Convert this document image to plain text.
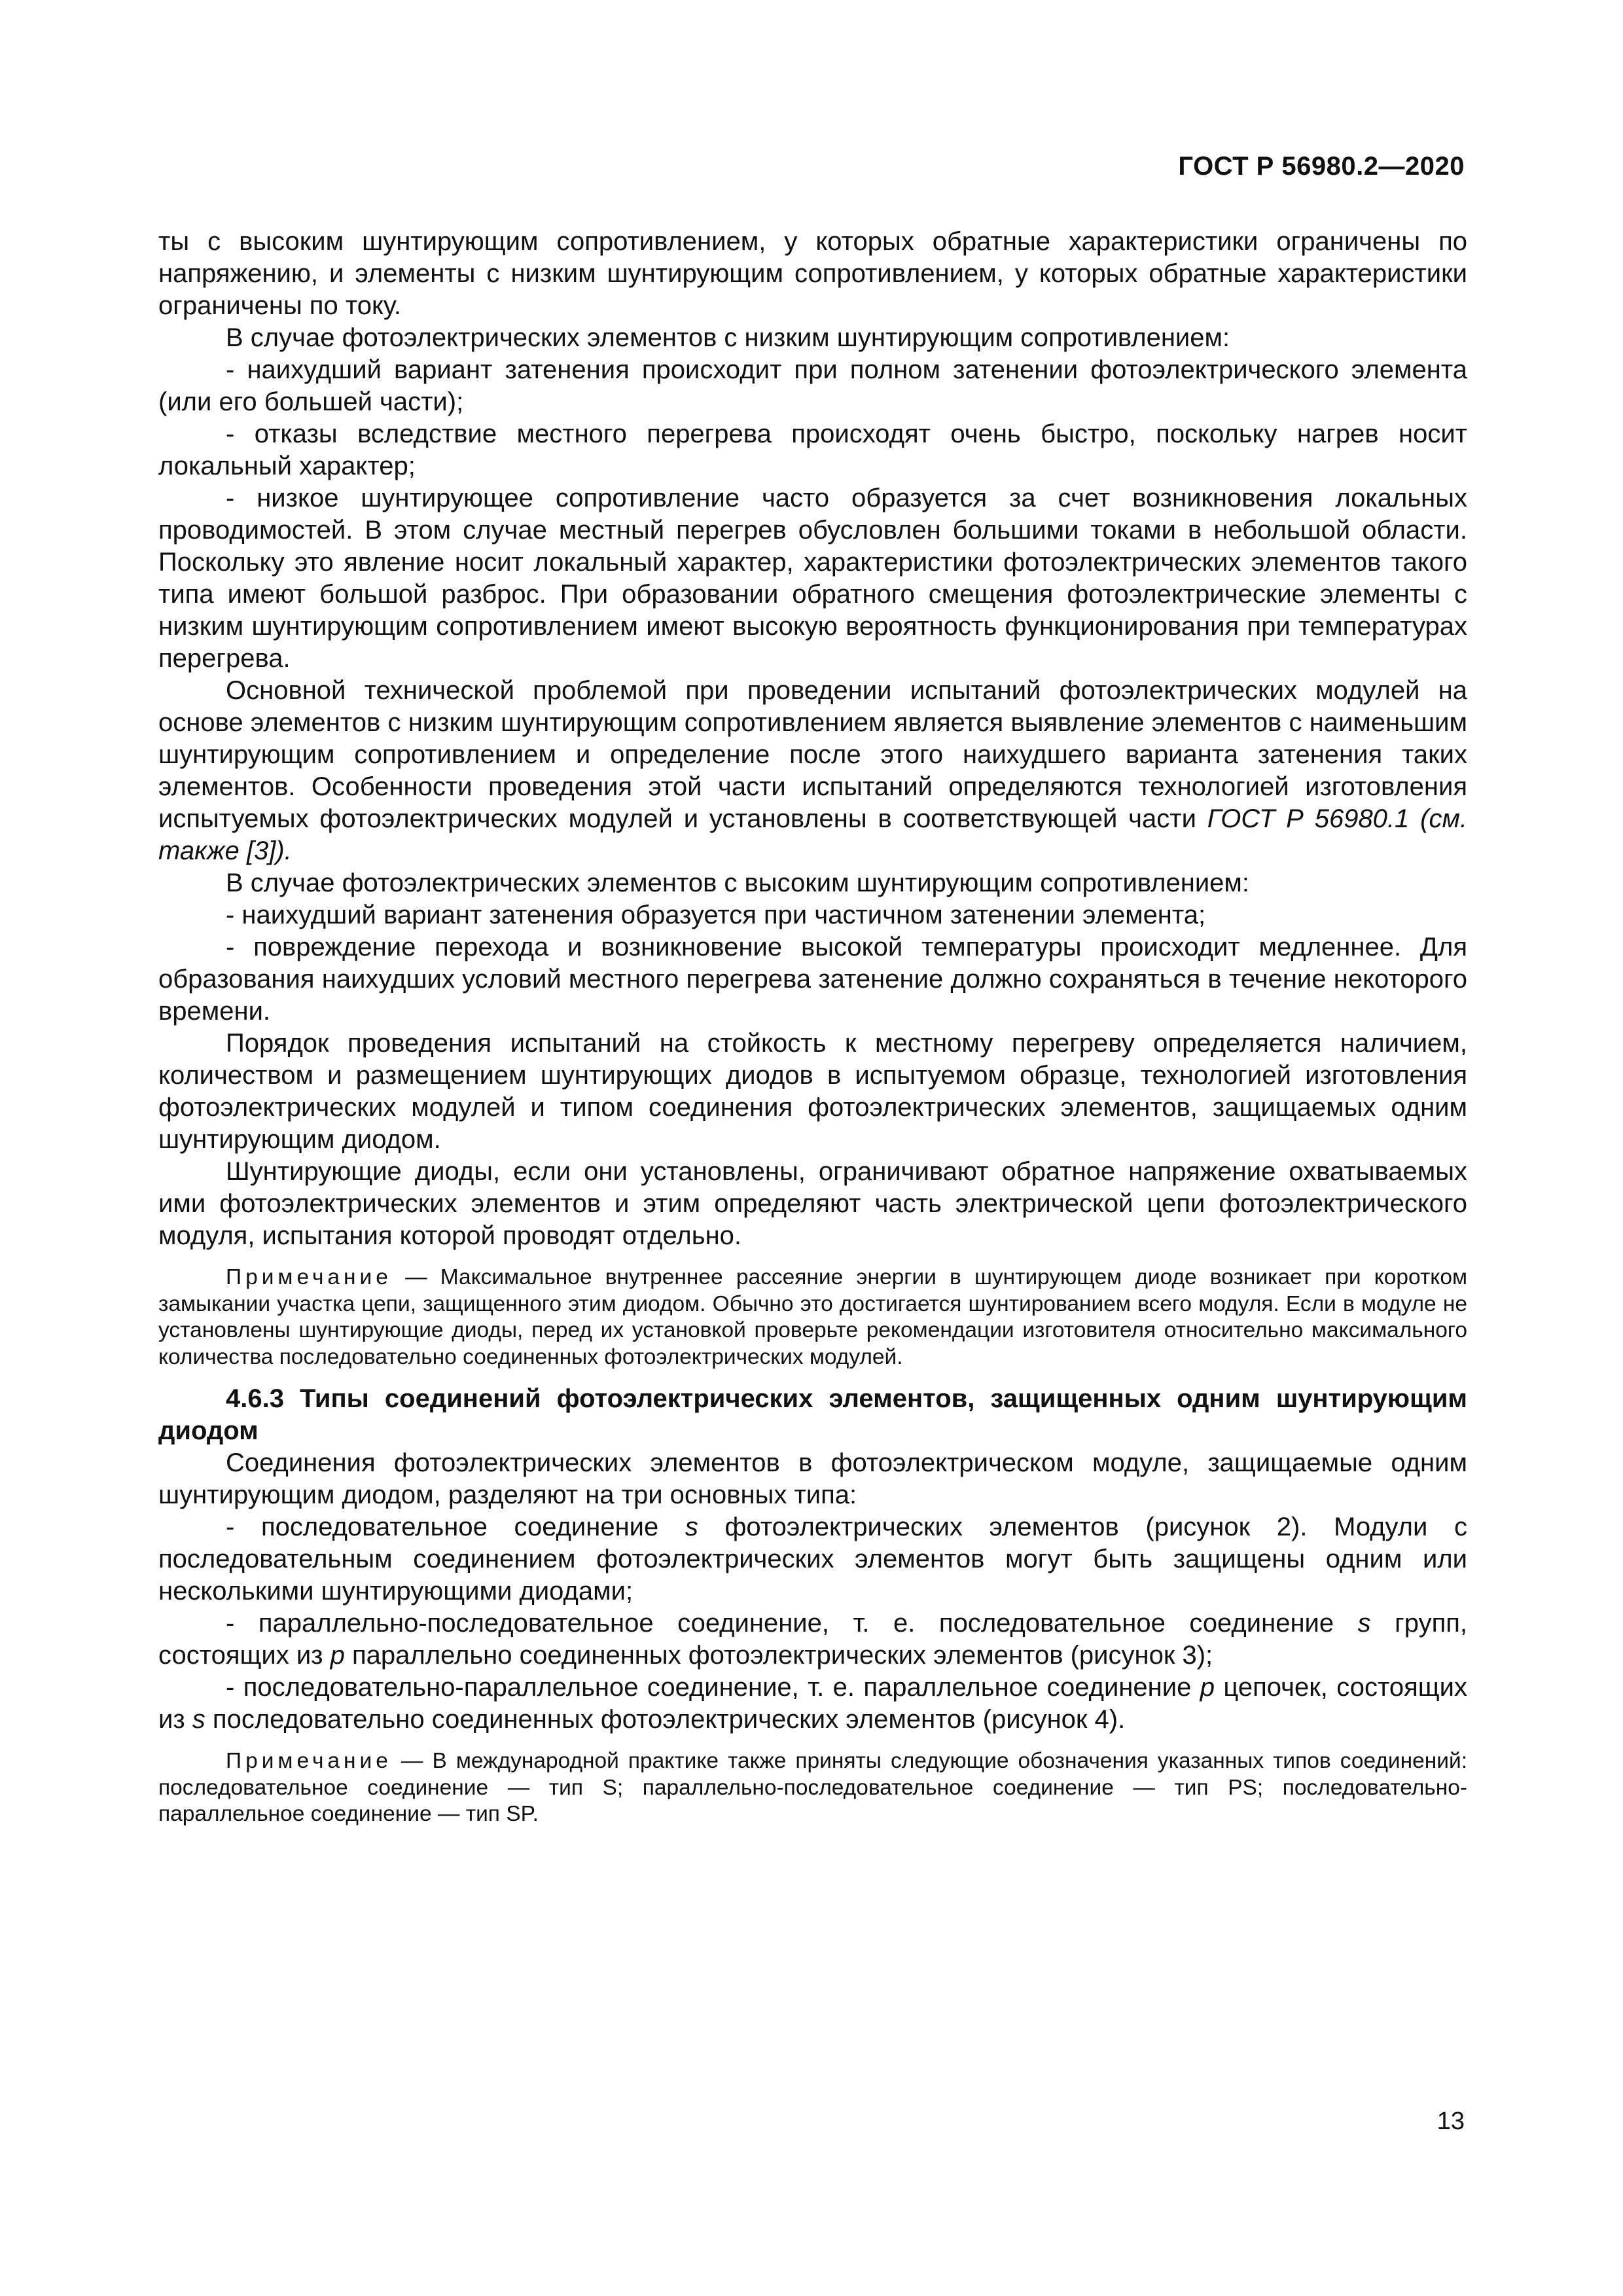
ГОСТ Р 56980.2—2020

ты с высоким шунтирующим сопротивлением, у которых обратные характеристики ограничены по напряжению, и элементы с низким шунтирующим сопротивлением, у которых обратные характеристики ограничены по току.

В случае фотоэлектрических элементов с низким шунтирующим сопротивлением:

- наихудший вариант затенения происходит при полном затенении фотоэлектрического элемента (или его большей части);

- отказы вследствие местного перегрева происходят очень быстро, поскольку нагрев носит локальный характер;

- низкое шунтирующее сопротивление часто образуется за счет возникновения локальных проводимостей. В этом случае местный перегрев обусловлен большими токами в небольшой области. Поскольку это явление носит локальный характер, характеристики фотоэлектрических элементов такого типа имеют большой разброс. При образовании обратного смещения фотоэлектрические элементы с низким шунтирующим сопротивлением имеют высокую вероятность функционирования при температурах перегрева.

Основной технической проблемой при проведении испытаний фотоэлектрических модулей на основе элементов с низким шунтирующим сопротивлением является выявление элементов с наименьшим шунтирующим сопротивлением и определение после этого наихудшего варианта затенения таких элементов. Особенности проведения этой части испытаний определяются технологией изготовления испытуемых фотоэлектрических модулей и установлены в соответствующей части ГОСТ Р 56980.1 (см. также [3]).

В случае фотоэлектрических элементов с высоким шунтирующим сопротивлением:

- наихудший вариант затенения образуется при частичном затенении элемента;

- повреждение перехода и возникновение высокой температуры происходит медленнее. Для образования наихудших условий местного перегрева затенение должно сохраняться в течение некоторого времени.

Порядок проведения испытаний на стойкость к местному перегреву определяется наличием, количеством и размещением шунтирующих диодов в испытуемом образце, технологией изготовления фотоэлектрических модулей и типом соединения фотоэлектрических элементов, защищаемых одним шунтирующим диодом.

Шунтирующие диоды, если они установлены, ограничивают обратное напряжение охватываемых ими фотоэлектрических элементов и этим определяют часть электрической цепи фотоэлектрического модуля, испытания которой проводят отдельно.

Примечание — Максимальное внутреннее рассеяние энергии в шунтирующем диоде возникает при коротком замыкании участка цепи, защищенного этим диодом. Обычно это достигается шунтированием всего модуля. Если в модуле не установлены шунтирующие диоды, перед их установкой проверьте рекомендации изготовителя относительно максимального количества последовательно соединенных фотоэлектрических модулей.

4.6.3 Типы соединений фотоэлектрических элементов, защищенных одним шунтирующим диодом

Соединения фотоэлектрических элементов в фотоэлектрическом модуле, защищаемые одним шунтирующим диодом, разделяют на три основных типа:

- последовательное соединение s фотоэлектрических элементов (рисунок 2). Модули с последовательным соединением фотоэлектрических элементов могут быть защищены одним или несколькими шунтирующими диодами;

- параллельно-последовательное соединение, т. е. последовательное соединение s групп, состоящих из p параллельно соединенных фотоэлектрических элементов (рисунок 3);

- последовательно-параллельное соединение, т. е. параллельное соединение p цепочек, состоящих из s последовательно соединенных фотоэлектрических элементов (рисунок 4).

Примечание — В международной практике также приняты следующие обозначения указанных типов соединений: последовательное соединение — тип S; параллельно-последовательное соединение — тип PS; последовательно-параллельное соединение — тип SP.

13
